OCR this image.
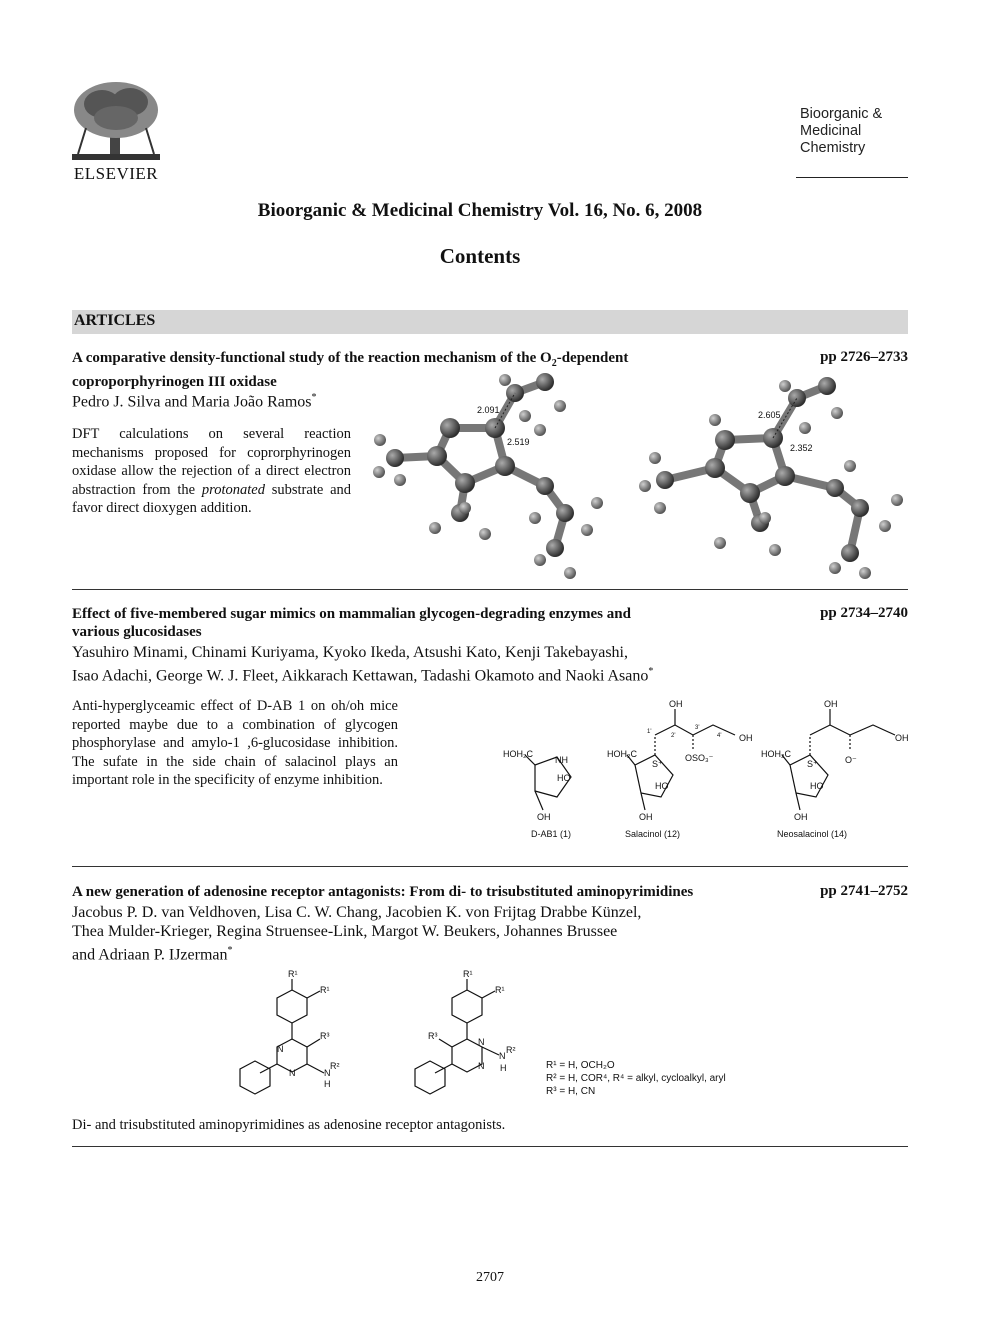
ELSEVIER
Bioorganic &
Medicinal
Chemistry
Bioorganic & Medicinal Chemistry Vol. 16, No. 6, 2008
Contents
ARTICLES
A comparative density-functional study of the reaction mechanism of the $O_2$-dependent
coproporphyrinogen III oxidase
pp 2726–2733
Pedro J. Silva and Maria João Ramos*
DFT calculations on several reaction mechanisms proposed for coprorphyrinogen oxidase allow the rejection of a direct electron abstraction from the protonated substrate and favor direct dioxygen addition.
2.091
2.519
2.605
2.352
Effect of five-membered sugar mimics on mammalian glycogen-degrading enzymes and
various glucosidases
pp 2734–2740
Yasuhiro Minami, Chinami Kuriyama, Kyoko Ikeda, Atsushi Kato, Kenji Takebayashi,
Isao Adachi, George W. J. Fleet, Aikkarach Kettawan, Tadashi Okamoto and Naoki Asano*
Anti-hyperglyceamic effect of D-AB 1 on oh/oh mice reported maybe due to a combination of glycogen phosphorylase and amylo-1 ,6-glucosidase inhibition. The sufate in the side chain of salacinol plays an important role in the specificity of enzyme inhibition.
HOH₂C
NH
HO
OH
D-AB1 (1)
HOH₂C
S⁺
HO
OH
OH
OH
OSO₃⁻
1'
2'
3'
4'
Salacinol (12)
HOH₂C
S⁺
HO
OH
OH
OH
O⁻
Neosalacinol (14)
A new generation of adenosine receptor antagonists: From di- to trisubstituted aminopyrimidines	pp 2741–2752
Jacobus P. D. van Veldhoven, Lisa C. W. Chang, Jacobien K. von Frijtag Drabbe Künzel,
Thea Mulder-Krieger, Regina Struensee-Link, Margot W. Beukers, Johannes Brussee
and Adriaan P. IJzerman*
R¹
R¹
R³
N
N	N
R²
H
R¹
R¹
R³
N
N
N
R²
H	R¹ = H, OCH₂O
R² = H, COR⁴, R⁴ = alkyl, cycloalkyl, aryl
R³ = H, CN
Di- and trisubstituted aminopyrimidines as adenosine receptor antagonists.
2707
